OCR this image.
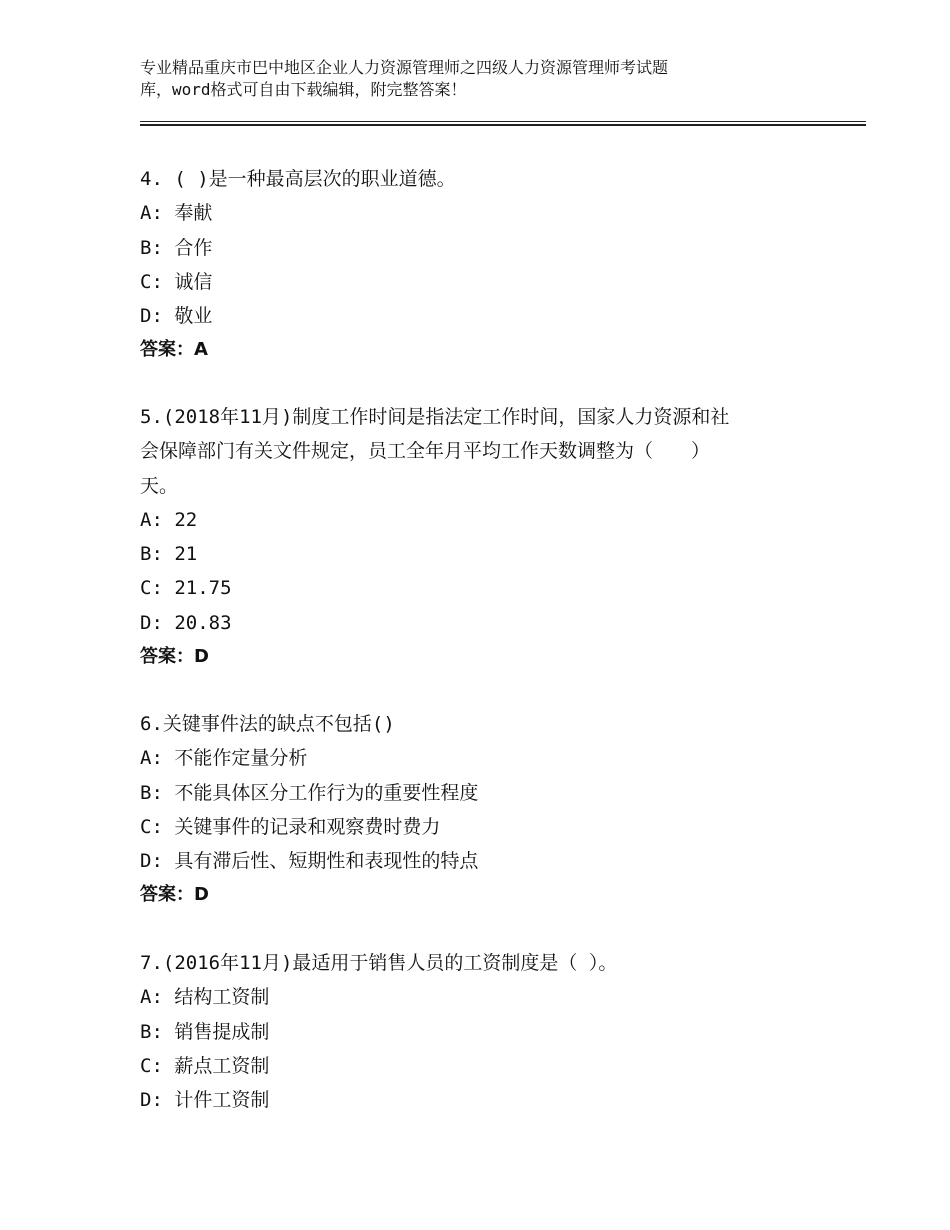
专业精品重庆市巴中地区企业人力资源管理师之四级人力资源管理师考试题
库，word格式可自由下载编辑，附完整答案！

4. ( )是一种最高层次的职业道德。

A: 奉献

B: 合作

C: 诚信

D: 敬业

答案：A

5.(2018年11月)制度工作时间是指法定工作时间，国家人力资源和社

会保障部门有关文件规定，员工全年月平均工作天数调整为（　　）

天。

A: 22

B: 21

C: 21.75

D: 20.83

答案：D

6.关键事件法的缺点不包括()

A: 不能作定量分析

B: 不能具体区分工作行为的重要性程度

C: 关键事件的记录和观察费时费力

D: 具有滞后性、短期性和表现性的特点

答案：D

7.(2016年11月)最适用于销售人员的工资制度是（ ）。

A: 结构工资制

B: 销售提成制

C: 薪点工资制

D: 计件工资制
